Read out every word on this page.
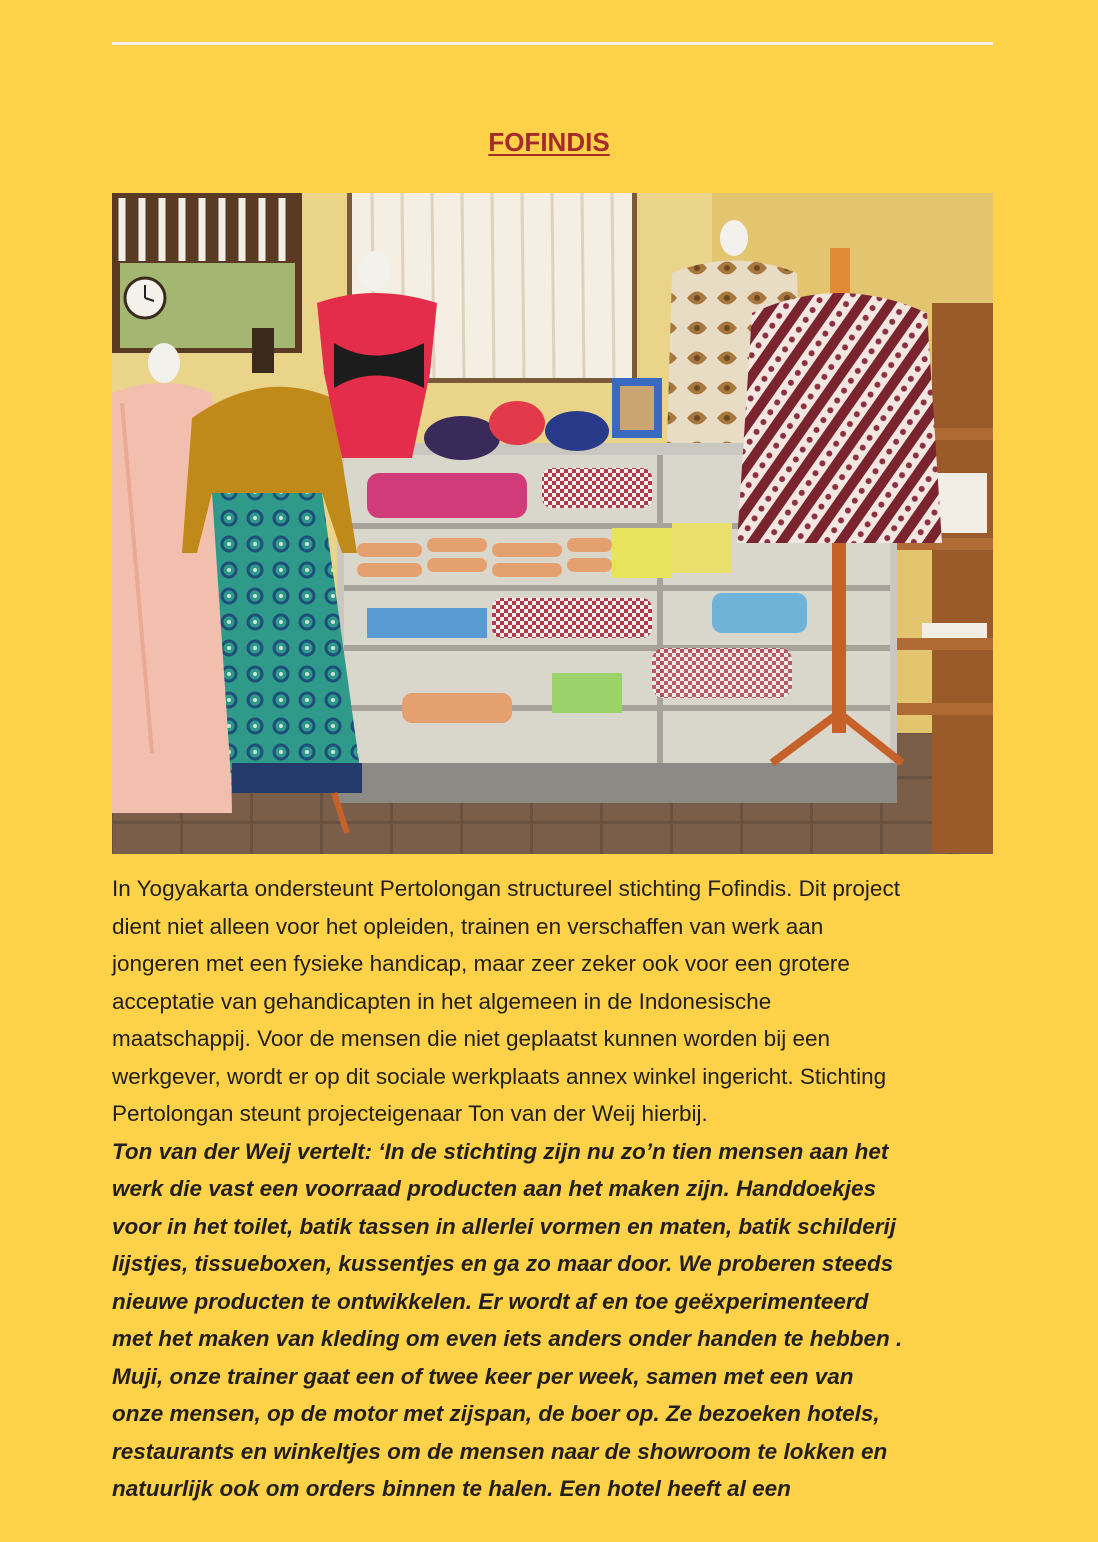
FOFINDIS
In Yogyakarta ondersteunt Pertolongan structureel stichting Fofindis. Dit project
dient niet alleen voor het opleiden, trainen en verschaffen van werk aan
jongeren met een fysieke handicap, maar zeer zeker ook voor een grotere
acceptatie van gehandicapten in het algemeen in de Indonesische
maatschappij. Voor de mensen die niet geplaatst kunnen worden bij een
werkgever, wordt er op dit sociale werkplaats annex winkel ingericht. Stichting
Pertolongan steunt projecteigenaar Ton van der Weij hierbij.
Ton van der Weij vertelt: ‘In de stichting zijn nu zo’n tien mensen aan het
werk die vast een voorraad producten aan het maken zijn. Handdoekjes
voor in het toilet, batik tassen in allerlei vormen en maten, batik schilderij
lijstjes, tissueboxen, kussentjes en ga zo maar door. We proberen steeds
nieuwe producten te ontwikkelen. Er wordt af en toe geëxperimenteerd
met het maken van kleding om even iets anders onder handen te hebben .
Muji, onze trainer gaat een of twee keer per week, samen met een van
onze mensen, op de motor met zijspan, de boer op. Ze bezoeken hotels,
restaurants en winkeltjes om de mensen naar de showroom te lokken en
natuurlijk ook om orders binnen te halen. Een hotel heeft al een
